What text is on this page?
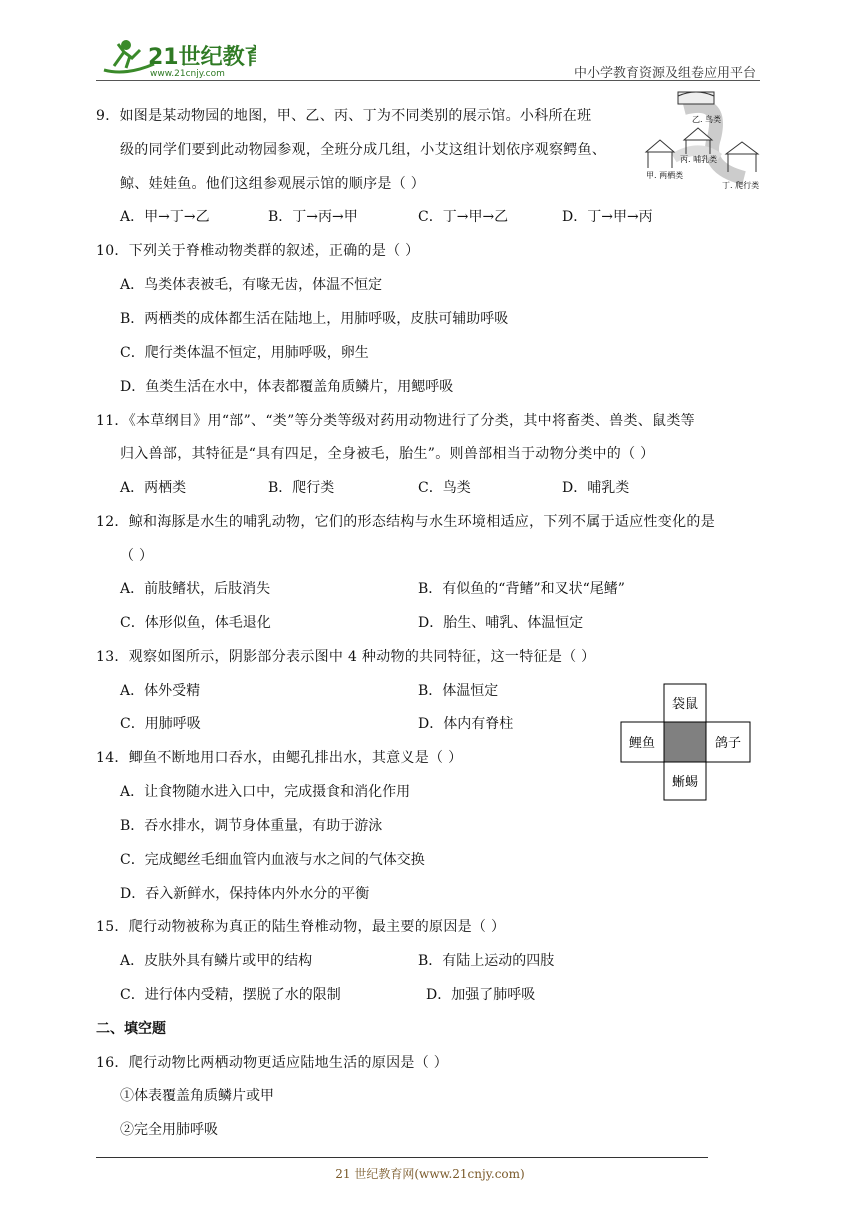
21世纪教育
www.21cnjy.com	中小学教育资源及组卷应用平台
9．如图是某动物园的地图，甲、乙、丙、丁为不同类别的展示馆。小科所在班
级的同学们要到此动物园参观，全班分成几组，小艾这组计划依序观察鳄鱼、
鲸、娃娃鱼。他们这组参观展示馆的顺序是（ ）
A．甲→丁→乙	B．丁→丙→甲	C．丁→甲→乙	D．丁→甲→丙
乙. 鸟类
丙. 哺乳类
甲. 两栖类
丁. 爬行类
10．下列关于脊椎动物类群的叙述，正确的是（ ）
A．鸟类体表被毛，有喙无齿，体温不恒定
B．两栖类的成体都生活在陆地上，用肺呼吸，皮肤可辅助呼吸
C．爬行类体温不恒定，用肺呼吸，卵生
D．鱼类生活在水中，体表都覆盖角质鳞片，用鳃呼吸
11．《本草纲目》用“部”、“类”等分类等级对药用动物进行了分类，其中将畜类、兽类、鼠类等
归入兽部，其特征是“具有四足，全身被毛，胎生”。则兽部相当于动物分类中的（ ）
A．两栖类	B．爬行类	C．鸟类	D．哺乳类
12．鲸和海豚是水生的哺乳动物，它们的形态结构与水生环境相适应，下列不属于适应性变化的是
（ ）
A．前肢鳍状，后肢消失	B．有似鱼的“背鳍”和叉状“尾鳍”
C．体形似鱼，体毛退化	D．胎生、哺乳、体温恒定
13．观察如图所示，阴影部分表示图中 4 种动物的共同特征，这一特征是（ ）
A．体外受精	B．体温恒定
C．用肺呼吸	D．体内有脊柱
袋鼠
鲤鱼	鸽子
蜥蜴
14．鲫鱼不断地用口吞水，由鳃孔排出水，其意义是（ ）
A．让食物随水进入口中，完成摄食和消化作用
B．吞水排水，调节身体重量，有助于游泳
C．完成鳃丝毛细血管内血液与水之间的气体交换
D．吞入新鲜水，保持体内外水分的平衡
15．爬行动物被称为真正的陆生脊椎动物，最主要的原因是（ ）
A．皮肤外具有鳞片或甲的结构	B．有陆上运动的四肢
C．进行体内受精，摆脱了水的限制	D．加强了肺呼吸
二、填空题
16．爬行动物比两栖动物更适应陆地生活的原因是（ ）
①体表覆盖角质鳞片或甲
②完全用肺呼吸
21 世纪教育网(www.21cnjy.com)
